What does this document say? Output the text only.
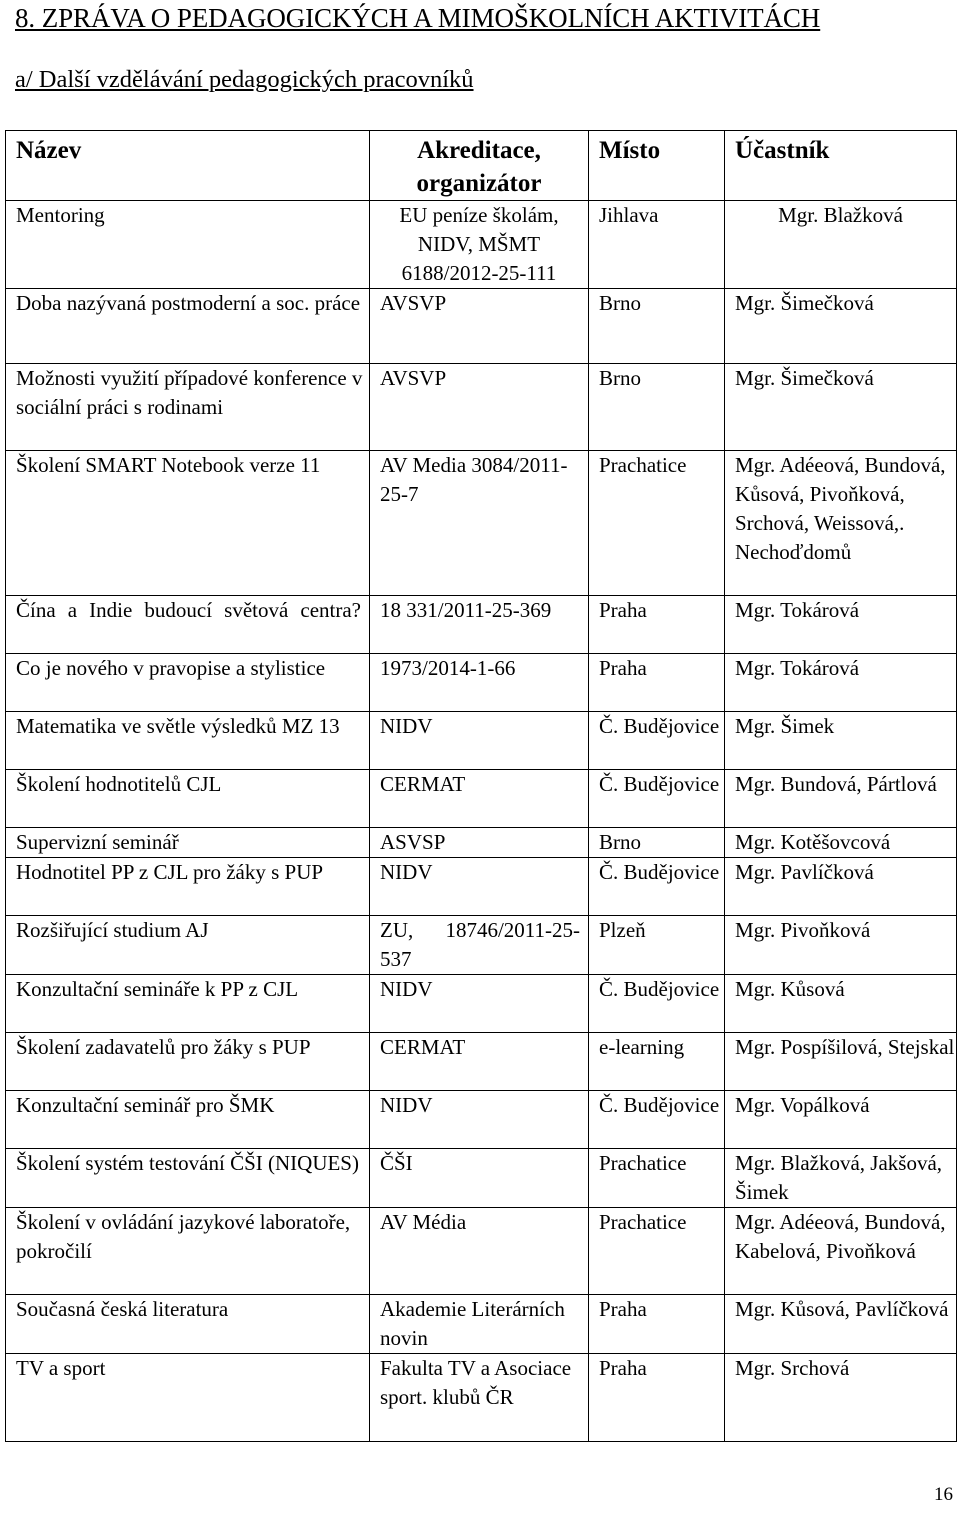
8. ZPRÁVA O PEDAGOGICKÝCH A MIMOŠKOLNÍCH AKTIVITÁCH
a/ Další vzdělávání pedagogických pracovníků
Název	Akreditace, organizátor	Místo	Účastník
Mentoring	EU peníze školám, NIDV, MŠMT 6188/2012-25-111	Jihlava	Mgr. Blažková
Doba nazývaná postmoderní a soc. práce	AVSVP	Brno	Mgr. Šimečková
Možnosti využití případové konference v sociální práci s rodinami	AVSVP	Brno	Mgr. Šimečková
Školení SMART Notebook verze 11	AV Media 3084/2011-25-7	Prachatice	Mgr. Adéeová, Bundová, Kůsová, Pivoňková, Srchová, Weissová,. Nechoďdomů
Čína a Indie budoucí světová centra?	18 331/2011-25-369	Praha	Mgr. Tokárová
Co je nového v pravopise a stylistice	1973/2014-1-66	Praha	Mgr. Tokárová
Matematika ve světle výsledků MZ 13	NIDV	Č. Budějovice	Mgr. Šimek
Školení hodnotitelů CJL	CERMAT	Č. Budějovice	Mgr. Bundová, Pártlová
Supervizní seminář	ASVSP	Brno	Mgr. Kotěšovcová
Hodnotitel PP z CJL pro žáky s PUP	NIDV	Č. Budějovice	Mgr. Pavlíčková
Rozšiřující studium AJ	ZU, 18746/2011-25-537	Plzeň	Mgr. Pivoňková
Konzultační semináře k PP z CJL	NIDV	Č. Budějovice	Mgr. Kůsová
Školení zadavatelů pro žáky s PUP	CERMAT	e-learning	Mgr. Pospíšilová, Stejskal
Konzultační seminář pro ŠMK	NIDV	Č. Budějovice	Mgr. Vopálková
Školení systém testování ČŠI (NIQUES)	ČŠI	Prachatice	Mgr. Blažková, Jakšová, Šimek
Školení v ovládání jazykové laboratoře, pokročilí	AV Média	Prachatice	Mgr. Adéeová, Bundová, Kabelová, Pivoňková
Současná česká literatura	Akademie Literárních novin	Praha	Mgr. Kůsová, Pavlíčková
TV a sport	Fakulta TV a Asociace sport. klubů ČR	Praha	Mgr. Srchová
16
